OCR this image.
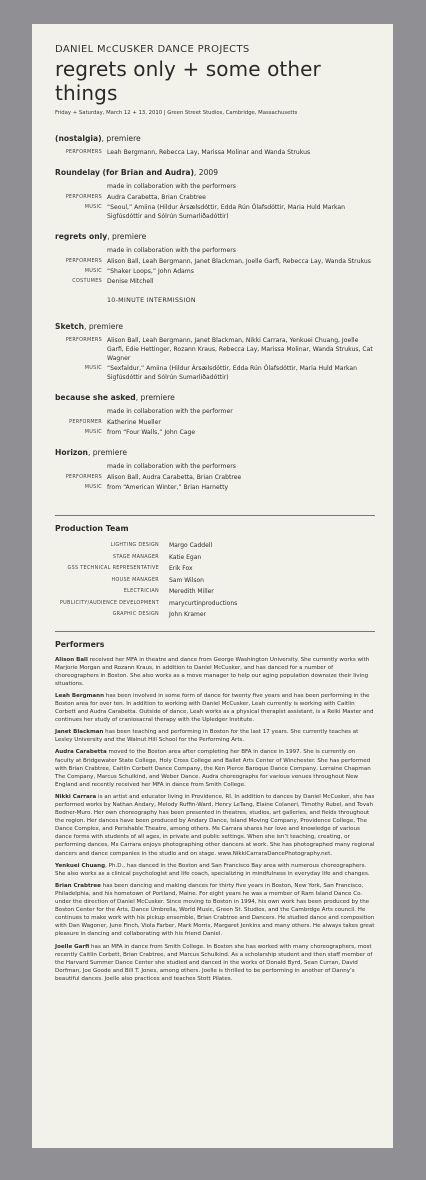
DANIEL McCUSKER DANCE PROJECTS

regrets only + some other things

Friday + Saturday, March 12 + 13, 2010 | Green Street Studios, Cambridge, Massachusetts

(nostalgia), premiere

PERFORMERS Leah Bergmann, Rebecca Lay, Marissa Molinar and Wanda Strukus

Roundelay (for Brian and Audra), 2009

made in collaboration with the performers
PERFORMERS Audra Carabetta, Brian Crabtree
MUSIC “Seoul,” Amiina (Hildur Ársælsdóttir, Edda Rún Ólafsdóttir, Maria Huld Markan Sigfúsdóttir and Sólrún Sumarliðadóttir)

regrets only, premiere

made in collaboration with the performers
PERFORMERS Alison Ball, Leah Bergmann, Janet Blackman, Joelle Garfi, Rebecca Lay, Wanda Strukus
MUSIC “Shaker Loops,” John Adams
COSTUMES Denise Mitchell

10-MINUTE INTERMISSION

Sketch, premiere

PERFORMERS Alison Ball, Leah Bergmann, Janet Blackman, Nikki Carrara, Yenkuei Chuang, Joelle Garfi, Edie Hettinger, Rozann Kraus, Rebecca Lay, Marissa Molinar, Wanda Strukus, Cat Wagner
MUSIC “Sexfaldur,” Amiina (Hildur Ársælsdóttir, Edda Rún Ólafsdóttir, Maria Huld Markan Sigfúsdóttir and Sólrún Sumarliðadóttir)

because she asked, premiere

made in collaboration with the performer
PERFORMER Katherine Mueller
MUSIC from “Four Walls,” John Cage

Horizon, premiere

made in collaboration with the performers
PERFORMERS Alison Ball, Audra Carabetta, Brian Crabtree
MUSIC from “American Winter,” Brian Harnetty

Production Team

LIGHTING DESIGN	Margo Caddell
STAGE MANAGER	Katie Egan
GSS TECHNICAL REPRESENTATIVE	Erik Fox
HOUSE MANAGER	Sam Wilson
ELECTRICIAN	Meredith Miller
PUBLICITY/AUDIENCE DEVELOPMENT	marycurtinproductions
GRAPHIC DESIGN	John Kramer

Performers

Alison Ball received her MFA in theatre and dance from George Washington University. She currently works with Marjorie Morgan and Rozann Kraus, in addition to Daniel McCusker, and has danced for a number of choreographers in Boston. She also works as a move manager to help our aging population downsize their living situations.

Leah Bergmann has been involved in some form of dance for twenty five years and has been performing in the Boston area for over ten. In addition to working with Daniel McCusker, Leah currently is working with Caitlin Corbett and Audra Carabetta. Outside of dance, Leah works as a physical therapist assistant, is a Reiki Master and continues her study of craniosacral therapy with the Upledger Institute.

Janet Blackman has been teaching and performing in Boston for the last 17 years. She currently teaches at Lesley University and the Walnut Hill School for the Performing Arts.

Audra Carabetta moved to the Boston area after completing her BFA in dance in 1997. She is currently on faculty at Bridgewater State College, Holy Cross College and Ballet Arts Center of Winchester. She has performed with Brian Crabtree, Caitlin Corbett Dance Company, the Ken Pierce Baroque Dance Company, Lorraine Chapman The Company, Marcus Schulkind, and Weber Dance. Audra choreographs for various venues throughout New England and recently received her MFA in dance from Smith College.

Nikki Carrara is an artist and educator living in Providence, RI. In addition to dances by Daniel McCusker, she has performed works by Nathan Andary, Melody Ruffin-Ward, Henry LeTang, Elaine Colaneri, Timothy Rubel, and Tovah Bodner-Muro. Her own choreography has been presented in theatres, studios, art galleries, and fields throughout the region. Her dances have been produced by Andary Dance, Island Moving Company, Providence College, The Dance Complex, and Perishable Theatre, among others. Ms Carrara shares her love and knowledge of various dance forms with students of all ages, in private and public settings. When she isn’t teaching, creating, or performing dances, Ms Carrara enjoys photographing other dancers at work. She has photographed many regional dancers and dance companies in the studio and on stage. www.NikkiCarraraDancePhotography.net.

Yenkuei Chuang, Ph.D., has danced in the Boston and San Francisco Bay area with numerous choreographers. She also works as a clinical psychologist and life coach, specializing in mindfulness in everyday life and changes.

Brian Crabtree has been dancing and making dances for thirty five years in Boston, New York, San Francisco, Philadelphia, and his hometown of Portland, Maine. For eight years he was a member of Ram Island Dance Co. under the direction of Daniel McCusker. Since moving to Boston in 1994, his own work has been produced by the Boston Center for the Arts, Dance Umbrella, World Music, Green St. Studios, and the Cambrdge Arts council. He continues to make work with his pickup ensemble, Brian Crabtree and Dancers. He studied dance and composition with Dan Wagoner, June Finch, Viola Farber, Mark Morris, Margaret Jenkins and many others. He always takes great pleasure in dancing and collaborating with his friend Daniel.

Joelle Garfi has an MFA in dance from Smith College. In Boston she has worked with many choreographers, most recently Caitlin Corbett, Brian Crabtree, and Marcus Schulkind. As a scholarship student and then staff member of the Harvard Summer Dance Center she studied and danced in the works of Donald Byrd, Sean Curran, David Dorfman, Joe Goode and Bill T. Jones, among others. Joelle is thrilled to be performing in another of Danny’s beautiful dances. Joelle also practices and teaches Stott Pilates.
